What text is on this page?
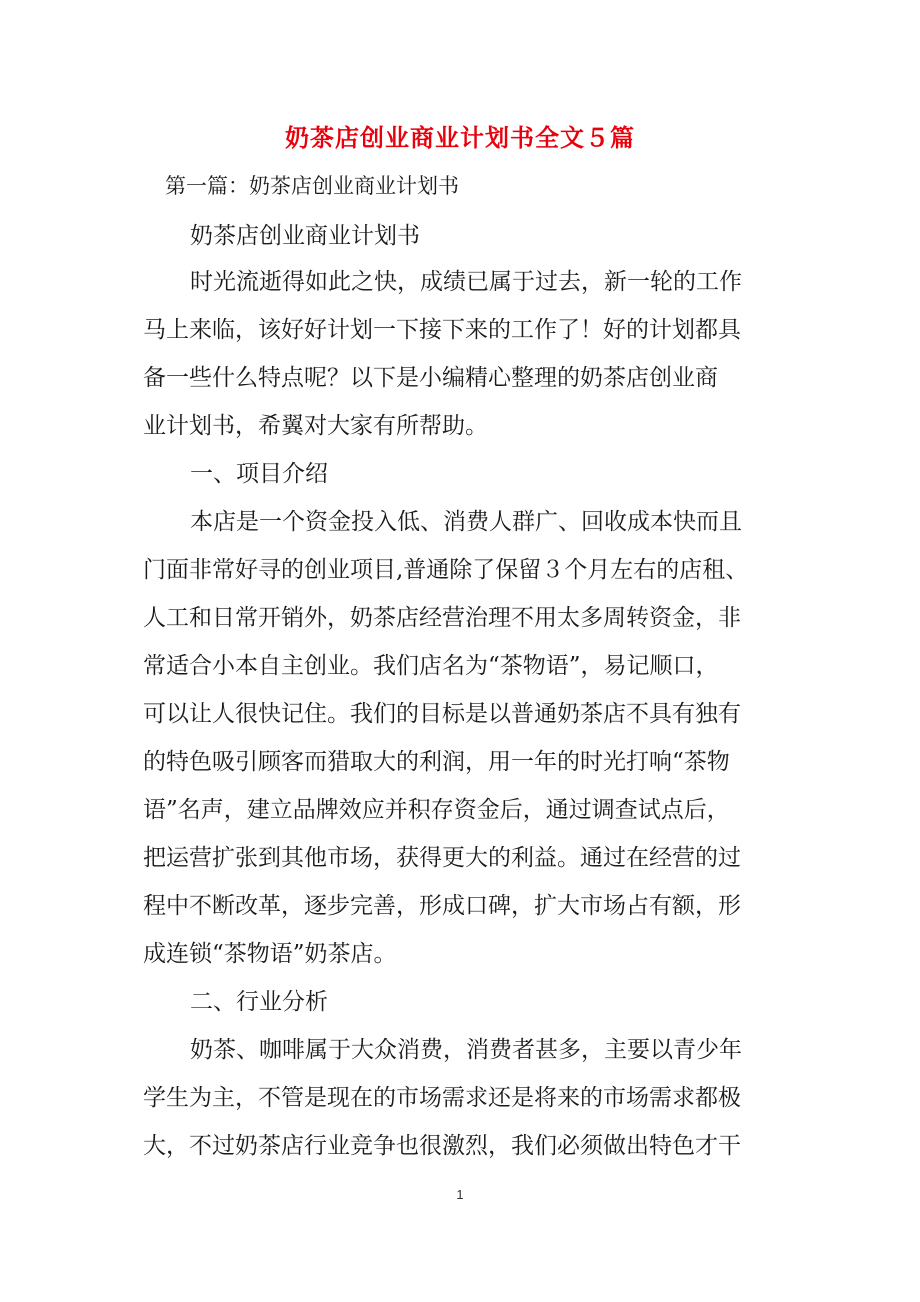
奶茶店创业商业计划书全文５篇

第一篇：奶茶店创业商业计划书

奶茶店创业商业计划书

时光流逝得如此之快，成绩已属于过去，新一轮的工作

马上来临，该好好计划一下接下来的工作了！好的计划都具

备一些什么特点呢？以下是小编精心整理的奶茶店创业商

业计划书，希翼对大家有所帮助。

一、项目介绍

本店是一个资金投入低、消费人群广、回收成本快而且

门面非常好寻的创业项目,普通除了保留３个月左右的店租、

人工和日常开销外，奶茶店经营治理不用太多周转资金，非

常适合小本自主创业。我们店名为“茶物语”，易记顺口，

可以让人很快记住。我们的目标是以普通奶茶店不具有独有

的特色吸引顾客而猎取大的利润，用一年的时光打响“茶物

语”名声，建立品牌效应并积存资金后，通过调查试点后，

把运营扩张到其他市场，获得更大的利益。通过在经营的过

程中不断改革，逐步完善，形成口碑，扩大市场占有额，形

成连锁“茶物语”奶茶店。

二、行业分析

奶茶、咖啡属于大众消费，消费者甚多，主要以青少年

学生为主，不管是现在的市场需求还是将来的市场需求都极

大，不过奶茶店行业竞争也很激烈，我们必须做出特色才干

1
